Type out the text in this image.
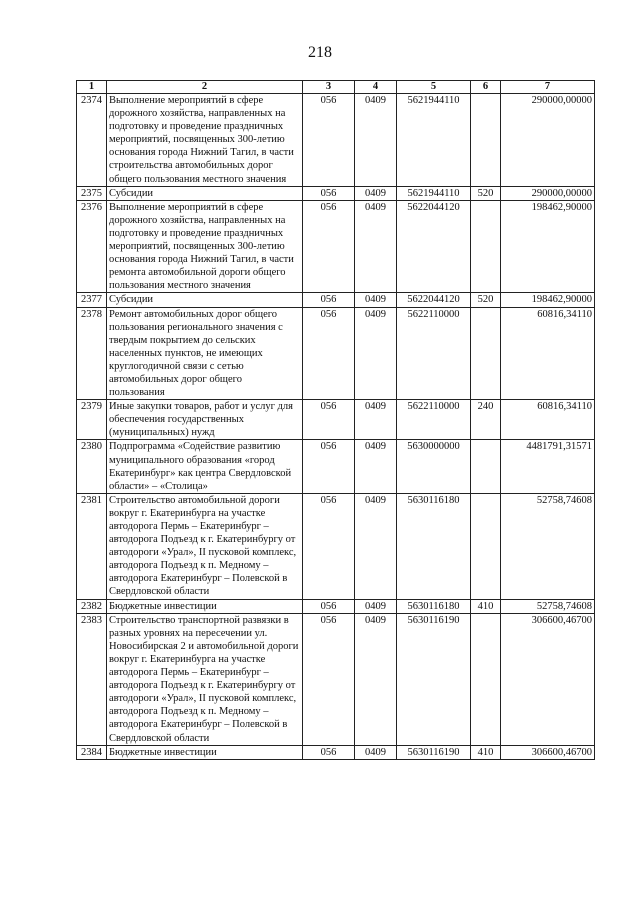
218
1	2	3	4	5	6	7
2374	Выполнение мероприятий в сфере дорожного хозяйства, направленных на подготовку и проведение праздничных мероприятий, посвященных 300-летию основания города Нижний Тагил, в части строительства автомобильных дорог общего пользования местного значения	056	0409	5621944110		290000,00000
2375	Субсидии	056	0409	5621944110	520	290000,00000
2376	Выполнение мероприятий в сфере дорожного хозяйства, направленных на подготовку и проведение праздничных мероприятий, посвященных 300-летию основания города Нижний Тагил, в части ремонта автомобильной дороги общего пользования местного значения	056	0409	5622044120		198462,90000
2377	Субсидии	056	0409	5622044120	520	198462,90000
2378	Ремонт автомобильных дорог общего пользования регионального значения с твердым покрытием до сельских населенных пунктов, не имеющих круглогодичной связи с сетью автомобильных дорог общего пользования	056	0409	5622110000		60816,34110
2379	Иные закупки товаров, работ и услуг для обеспечения государственных (муниципальных) нужд	056	0409	5622110000	240	60816,34110
2380	Подпрограмма «Содействие развитию муниципального образования «город Екатеринбург» как центра Свердловской области» – «Столица»	056	0409	5630000000		4481791,31571
2381	Строительство автомобильной дороги вокруг г. Екатеринбурга на участке автодорога Пермь – Екатеринбург – автодорога Подъезд к г. Екатеринбургу от автодороги «Урал», II пусковой комплекс, автодорога Подъезд к п. Медному – автодорога Екатеринбург – Полевской в Свердловской области	056	0409	5630116180		52758,74608
2382	Бюджетные инвестиции	056	0409	5630116180	410	52758,74608
2383	Строительство транспортной развязки в разных уровнях на пересечении ул. Новосибирская 2 и автомобильной дороги вокруг г. Екатеринбурга на участке автодорога Пермь – Екатеринбург – автодорога Подъезд к г. Екатеринбургу от автодороги «Урал», II пусковой комплекс, автодорога Подъезд к п. Медному – автодорога Екатеринбург – Полевской в Свердловской области	056	0409	5630116190		306600,46700
2384	Бюджетные инвестиции	056	0409	5630116190	410	306600,46700
